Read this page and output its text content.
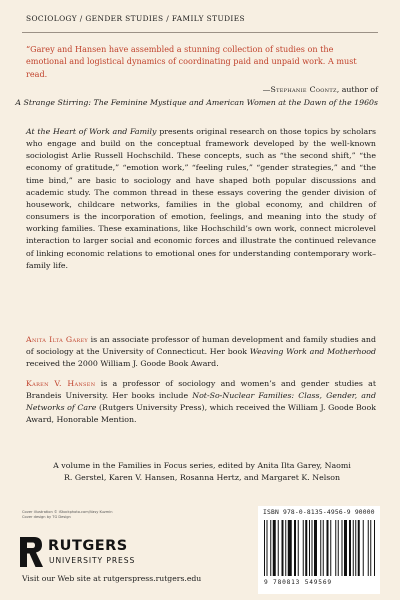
SOCIOLOGY / GENDER STUDIES / FAMILY STUDIES
“Garey and Hansen have assembled a stunning collection of studies on the emotional and logistical dynamics of coordinating paid and unpaid work. A must read.
—Stephanie Coontz, author of
A Strange Stirring: The Feminine Mystique and American Women at the Dawn of the 1960s
At the Heart of Work and Family presents original research on those topics by scholars who engage and build on the conceptual framework developed by the well-known sociologist Arlie Russell Hochschild. These concepts, such as “the second shift,” “the economy of gratitude,” “emotion work,” “feeling rules,” “gender strategies,” and “the time bind,” are basic to sociology and have shaped both popular discussions and academic study. The common thread in these essays covering the gender division of housework, childcare networks, families in the global economy, and children of consumers is the incorporation of emotion, feelings, and meaning into the study of working families. These examinations, like Hochschild’s own work, connect microlevel interaction to larger social and economic forces and illustrate the continued relevance of linking economic relations to emotional ones for understanding contemporary work–family life.
Anita Ilta Garey is an associate professor of human development and family studies and of sociology at the University of Connecticut. Her book Weaving Work and Motherhood received the 2000 William J. Goode Book Award.
Karen V. Hansen is a professor of sociology and women’s and gender studies at Brandeis University. Her books include Not-So-Nuclear Families: Class, Gender, and Networks of Care (Rutgers University Press), which received the William J. Goode Book Award, Honorable Mention.
A volume in the Families in Focus series, edited by Anita Ilta Garey, Naomi R. Gerstel, Karen V. Hansen, Rosanna Hertz, and Margaret K. Nelson
Cover illustration © iStockphoto.com/Vasy Kuzmin
Cover design by TG Design
RUTGERS
UNIVERSITY PRESS
Visit our Web site at rutgerspress.rutgers.edu
ISBN 978-0-8135-4956-9 90000
9 780813 549569
